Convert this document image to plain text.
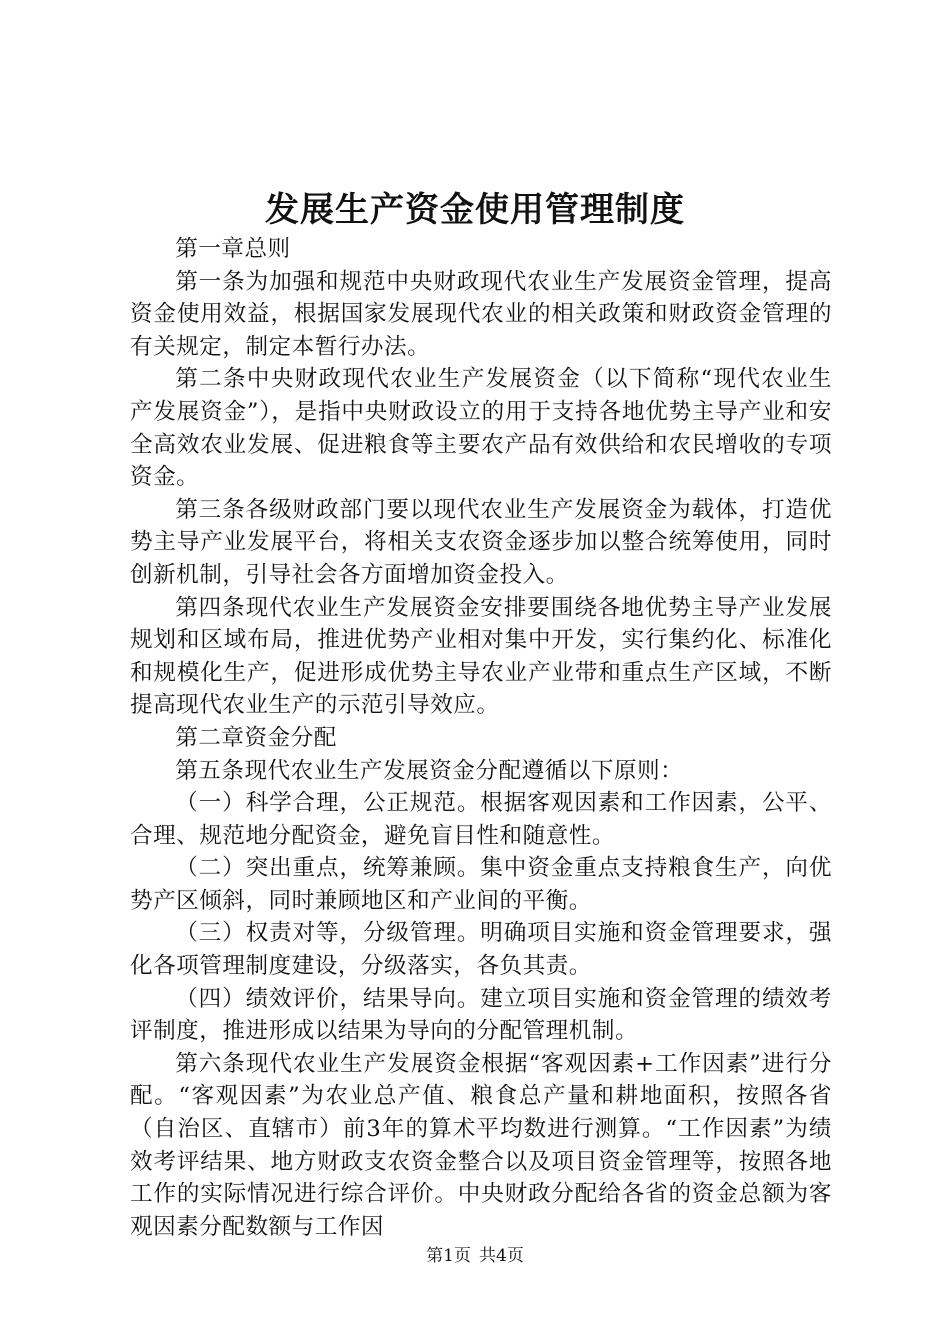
发展生产资金使用管理制度

第一章总则

第一条为加强和规范中央财政现代农业生产发展资金管理，提高资金使用效益，根据国家发展现代农业的相关政策和财政资金管理的有关规定，制定本暂行办法。

第二条中央财政现代农业生产发展资金（以下简称“现代农业生产发展资金”），是指中央财政设立的用于支持各地优势主导产业和安全高效农业发展、促进粮食等主要农产品有效供给和农民增收的专项资金。

第三条各级财政部门要以现代农业生产发展资金为载体，打造优势主导产业发展平台，将相关支农资金逐步加以整合统筹使用，同时创新机制，引导社会各方面增加资金投入。

第四条现代农业生产发展资金安排要围绕各地优势主导产业发展规划和区域布局，推进优势产业相对集中开发，实行集约化、标准化和规模化生产，促进形成优势主导农业产业带和重点生产区域，不断提高现代农业生产的示范引导效应。

第二章资金分配

第五条现代农业生产发展资金分配遵循以下原则：

（一）科学合理，公正规范。根据客观因素和工作因素，公平、合理、规范地分配资金，避免盲目性和随意性。

（二）突出重点，统筹兼顾。集中资金重点支持粮食生产，向优势产区倾斜，同时兼顾地区和产业间的平衡。

（三）权责对等，分级管理。明确项目实施和资金管理要求，强化各项管理制度建设，分级落实，各负其责。

（四）绩效评价，结果导向。建立项目实施和资金管理的绩效考评制度，推进形成以结果为导向的分配管理机制。

第六条现代农业生产发展资金根据“客观因素+工作因素”进行分配。“客观因素”为农业总产值、粮食总产量和耕地面积，按照各省（自治区、直辖市）前3年的算术平均数进行测算。“工作因素”为绩效考评结果、地方财政支农资金整合以及项目资金管理等，按照各地工作的实际情况进行综合评价。中央财政分配给各省的资金总额为客观因素分配数额与工作因

第1页 共4页
